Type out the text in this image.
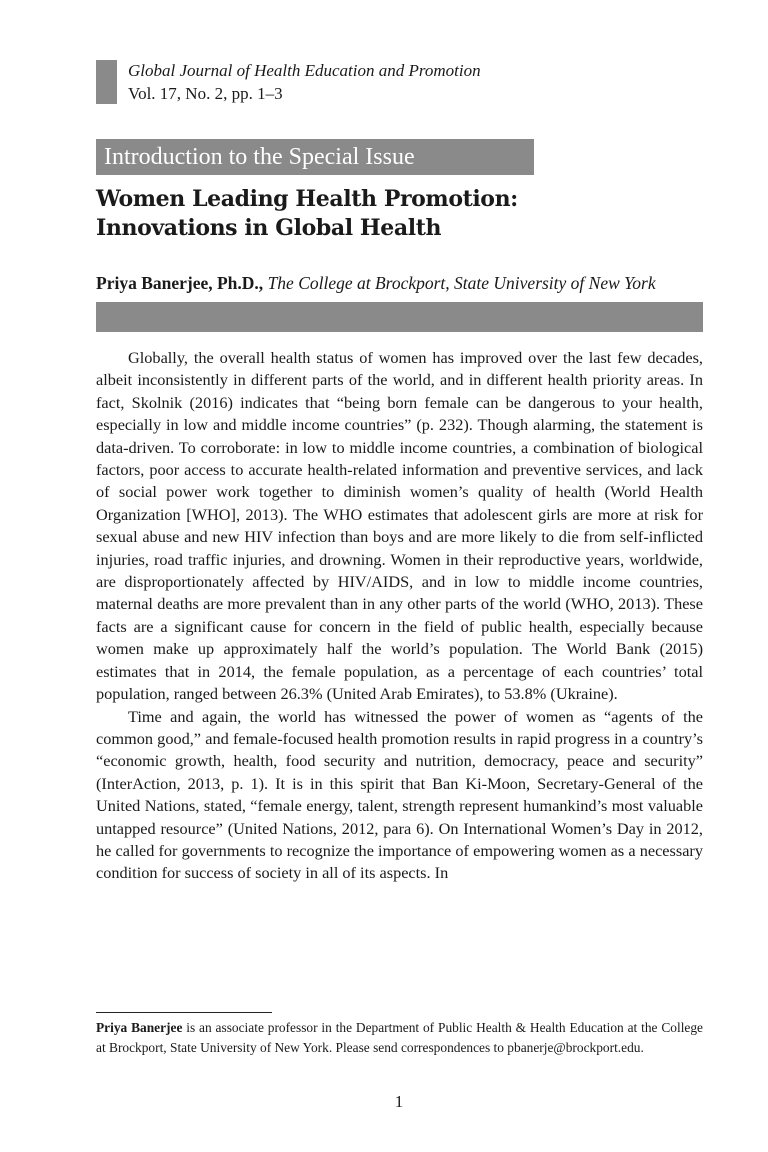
Global Journal of Health Education and Promotion
Vol. 17, No. 2, pp. 1–3
Introduction to the Special Issue
Women Leading Health Promotion:
Innovations in Global Health
Priya Banerjee, Ph.D., The College at Brockport, State University of New York

Globally, the overall health status of women has improved over the last few decades, albeit inconsistently in different parts of the world, and in different health priority areas. In fact, Skolnik (2016) indicates that “being born female can be dangerous to your health, especially in low and middle income countries” (p. 232). Though alarming, the statement is data-driven. To corroborate: in low to middle income countries, a combination of biological factors, poor access to accurate health-related information and preventive services, and lack of social power work together to diminish women’s quality of health (World Health Organization [WHO], 2013). The WHO estimates that adolescent girls are more at risk for sexual abuse and new HIV infection than boys and are more likely to die from self-inflicted injuries, road traffic injuries, and drowning. Women in their reproductive years, worldwide, are disproportionately affected by HIV/AIDS, and in low to middle income countries, maternal deaths are more prevalent than in any other parts of the world (WHO, 2013). These facts are a significant cause for concern in the field of public health, especially because women make up approximately half the world’s population. The World Bank (2015) estimates that in 2014, the female population, as a percentage of each countries’ total population, ranged between 26.3% (United Arab Emirates), to 53.8% (Ukraine).

Time and again, the world has witnessed the power of women as “agents of the common good,” and female-focused health promotion results in rapid progress in a country’s “economic growth, health, food security and nutrition, democracy, peace and security” (InterAction, 2013, p. 1). It is in this spirit that Ban Ki-Moon, Secretary-General of the United Nations, stated, “female energy, talent, strength represent humankind’s most valuable untapped resource” (United Nations, 2012, para 6). On International Women’s Day in 2012, he called for governments to recognize the importance of empowering women as a necessary condition for success of society in all of its aspects. In

Priya Banerjee is an associate professor in the Department of Public Health & Health Education at the College at Brockport, State University of New York. Please send correspondences to pbanerje@brockport.edu.
1
